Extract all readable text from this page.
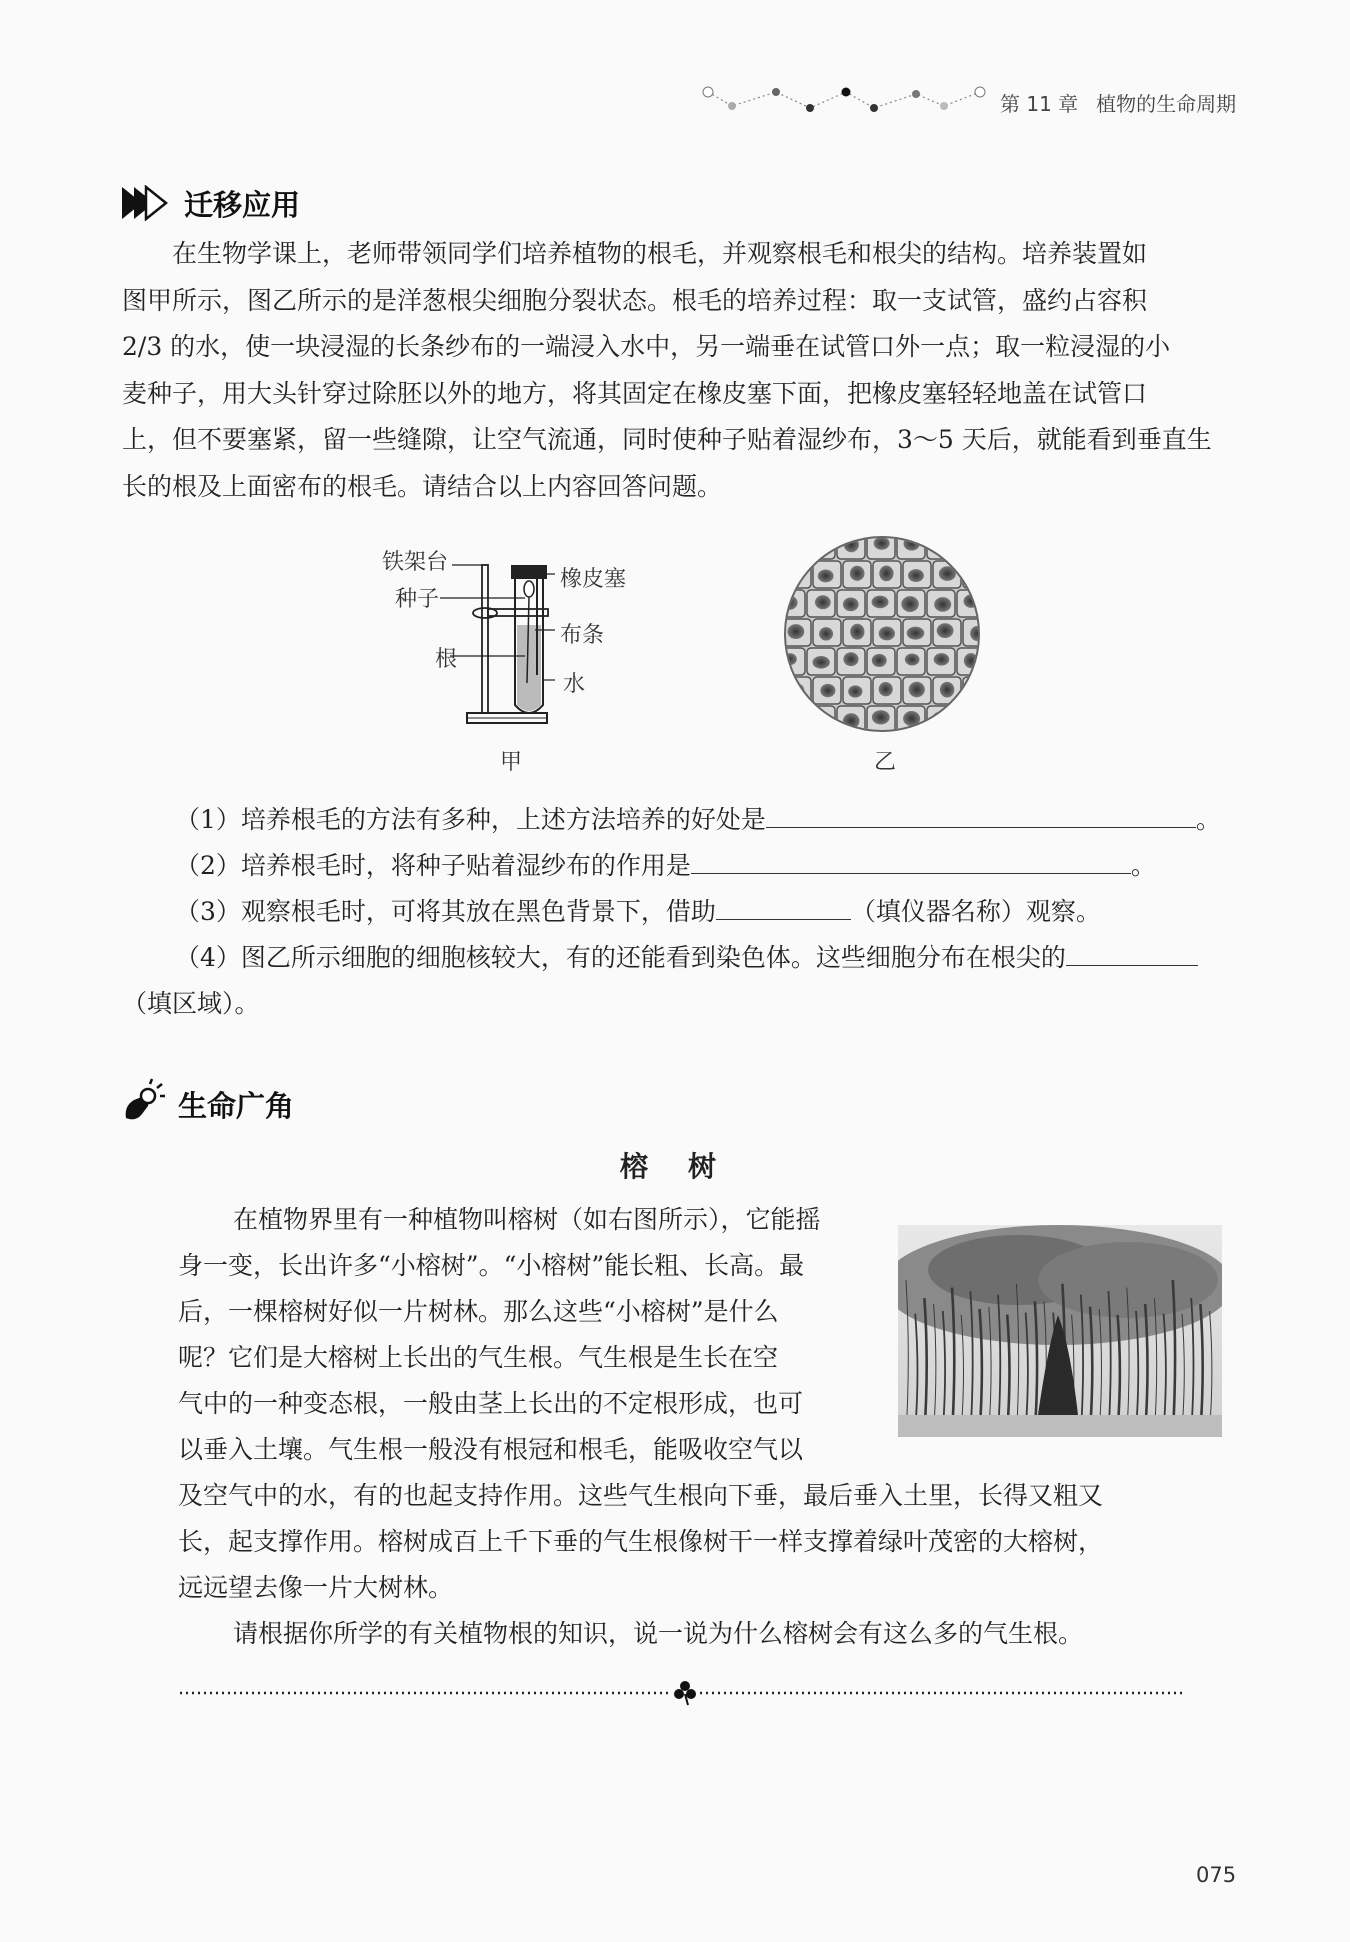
第 11 章 植物的生命周期
迁移应用
在生物学课上，老师带领同学们培养植物的根毛，并观察根毛和根尖的结构。培养装置如
图甲所示，图乙所示的是洋葱根尖细胞分裂状态。根毛的培养过程：取一支试管，盛约占容积
2/3 的水，使一块浸湿的长条纱布的一端浸入水中，另一端垂在试管口外一点；取一粒浸湿的小
麦种子，用大头针穿过除胚以外的地方，将其固定在橡皮塞下面，把橡皮塞轻轻地盖在试管口
上，但不要塞紧，留一些缝隙，让空气流通，同时使种子贴着湿纱布，3～5 天后，就能看到垂直生
长的根及上面密布的根毛。请结合以上内容回答问题。
铁架台
种子
根
橡皮塞
布条
水
甲	乙
（1）培养根毛的方法有多种，上述方法培养的好处是	。
（2）培养根毛时，将种子贴着湿纱布的作用是	。
（3）观察根毛时，可将其放在黑色背景下，借助	（填仪器名称）观察。
（4）图乙所示细胞的细胞核较大，有的还能看到染色体。这些细胞分布在根尖的
（填区域）。
生命广角
榕树
在植物界里有一种植物叫榕树（如右图所示），它能摇
身一变，长出许多“小榕树”。“小榕树”能长粗、长高。最
后，一棵榕树好似一片树林。那么这些“小榕树”是什么
呢？它们是大榕树上长出的气生根。气生根是生长在空
气中的一种变态根，一般由茎上长出的不定根形成，也可
以垂入土壤。气生根一般没有根冠和根毛，能吸收空气以
及空气中的水，有的也起支持作用。这些气生根向下垂，最后垂入土里，长得又粗又
长，起支撑作用。榕树成百上千下垂的气生根像树干一样支撑着绿叶茂密的大榕树，
远远望去像一片大树林。
请根据你所学的有关植物根的知识，说一说为什么榕树会有这么多的气生根。
075
